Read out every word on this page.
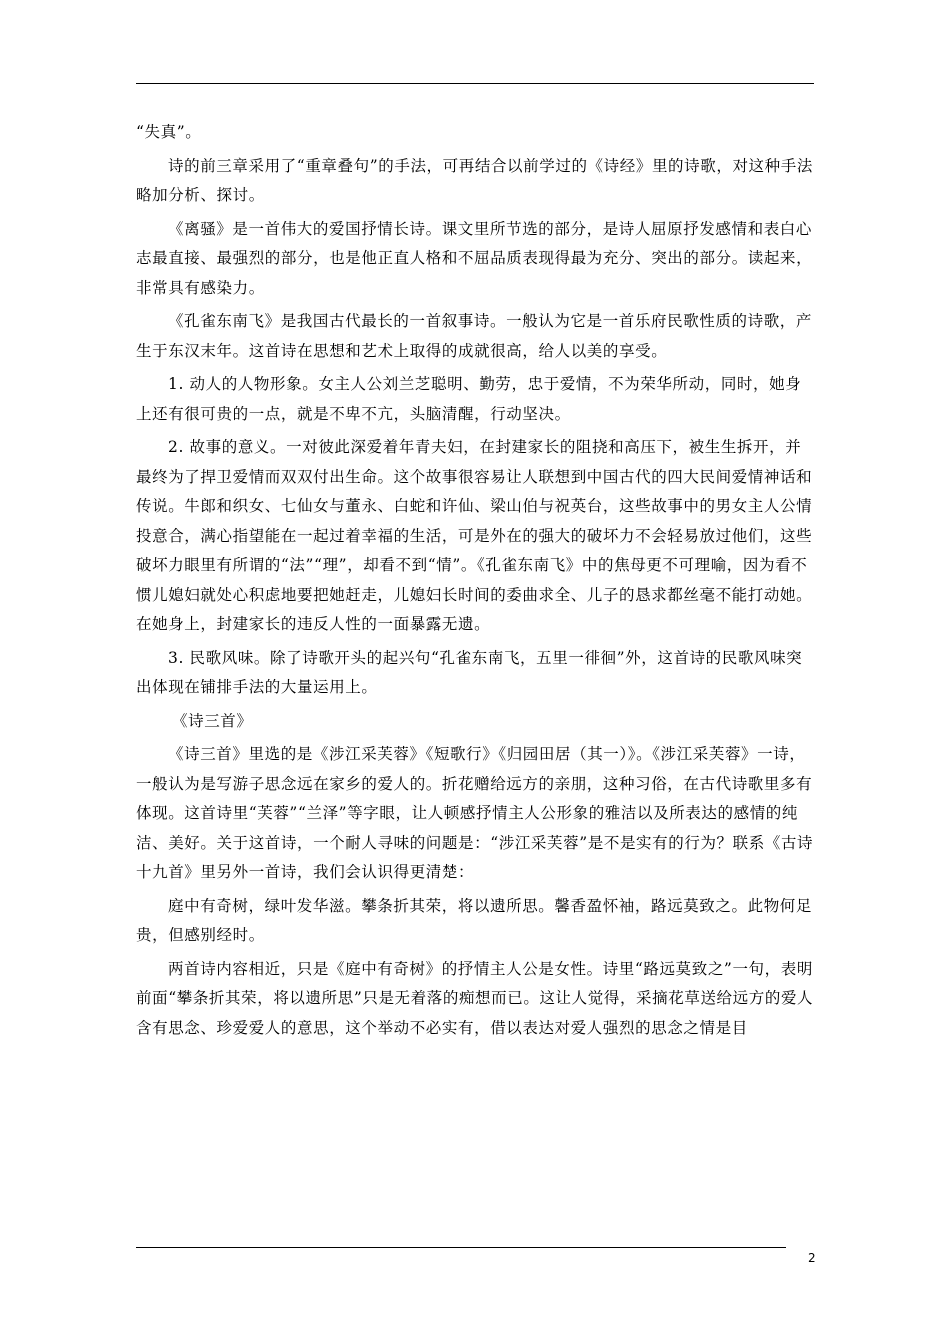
“失真”。

诗的前三章采用了“重章叠句”的手法，可再结合以前学过的《诗经》里的诗歌，对这种手法略加分析、探讨。

《离骚》是一首伟大的爱国抒情长诗。课文里所节选的部分，是诗人屈原抒发感情和表白心志最直接、最强烈的部分，也是他正直人格和不屈品质表现得最为充分、突出的部分。读起来，非常具有感染力。

《孔雀东南飞》是我国古代最长的一首叙事诗。一般认为它是一首乐府民歌性质的诗歌，产生于东汉末年。这首诗在思想和艺术上取得的成就很高，给人以美的享受。

1. 动人的人物形象。女主人公刘兰芝聪明、勤劳，忠于爱情，不为荣华所动，同时，她身上还有很可贵的一点，就是不卑不亢，头脑清醒，行动坚决。

2. 故事的意义。一对彼此深爱着年青夫妇，在封建家长的阻挠和高压下，被生生拆开，并最终为了捍卫爱情而双双付出生命。这个故事很容易让人联想到中国古代的四大民间爱情神话和传说。牛郎和织女、七仙女与董永、白蛇和许仙、梁山伯与祝英台，这些故事中的男女主人公情投意合，满心指望能在一起过着幸福的生活，可是外在的强大的破坏力不会轻易放过他们，这些破坏力眼里有所谓的“法”“理”，却看不到“情”。《孔雀东南飞》中的焦母更不可理喻，因为看不惯儿媳妇就处心积虑地要把她赶走，儿媳妇长时间的委曲求全、儿子的恳求都丝毫不能打动她。在她身上，封建家长的违反人性的一面暴露无遗。

3. 民歌风味。除了诗歌开头的起兴句“孔雀东南飞，五里一徘徊”外，这首诗的民歌风味突出体现在铺排手法的大量运用上。

《诗三首》

《诗三首》里选的是《涉江采芙蓉》《短歌行》《归园田居（其一）》。《涉江采芙蓉》一诗，一般认为是写游子思念远在家乡的爱人的。折花赠给远方的亲朋，这种习俗，在古代诗歌里多有体现。这首诗里“芙蓉”“兰泽”等字眼，让人顿感抒情主人公形象的雅洁以及所表达的感情的纯洁、美好。关于这首诗，一个耐人寻味的问题是：“涉江采芙蓉”是不是实有的行为？联系《古诗十九首》里另外一首诗，我们会认识得更清楚：

庭中有奇树，绿叶发华滋。攀条折其荣，将以遗所思。馨香盈怀袖，路远莫致之。此物何足贵，但感别经时。

两首诗内容相近，只是《庭中有奇树》的抒情主人公是女性。诗里“路远莫致之”一句，表明前面“攀条折其荣，将以遗所思”只是无着落的痴想而已。这让人觉得，采摘花草送给远方的爱人含有思念、珍爱爱人的意思，这个举动不必实有，借以表达对爱人强烈的思念之情是目

2
